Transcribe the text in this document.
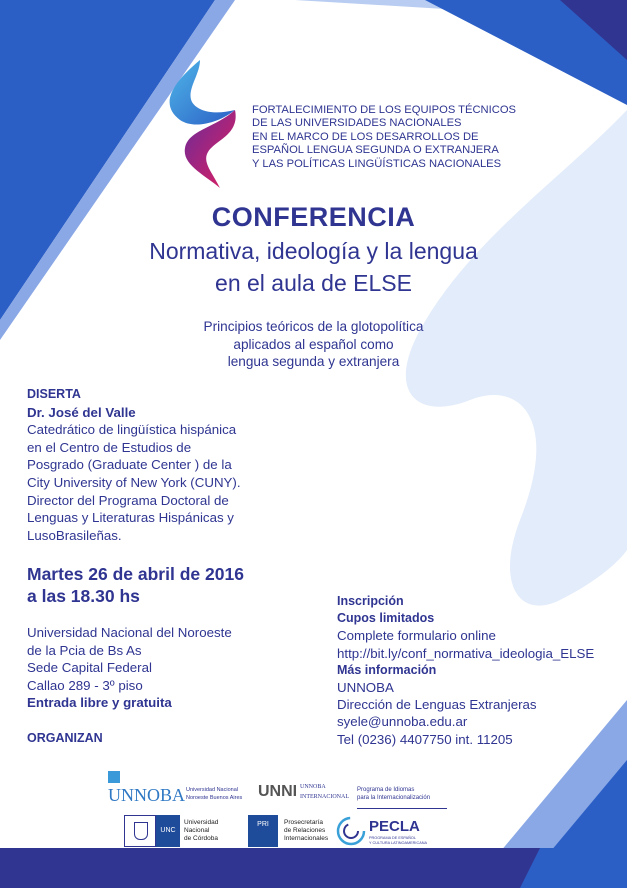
FORTALECIMIENTO DE LOS EQUIPOS TÉCNICOS
DE LAS UNIVERSIDADES NACIONALES
EN EL MARCO DE LOS DESARROLLOS DE
ESPAÑOL LENGUA SEGUNDA O EXTRANJERA
Y LAS POLÍTICAS LINGÜÍSTICAS NACIONALES
CONFERENCIA
Normativa, ideología y la lengua
en el aula de ELSE
Principios teóricos de la glotopolítica
aplicados al español como
lengua segunda y extranjera
DISERTA
Dr. José del Valle
Catedrático de lingüística hispánica
en el Centro de Estudios de
Posgrado (Graduate Center ) de la
City University of New York (CUNY).
Director del Programa Doctoral de
Lenguas y Literaturas Hispánicas y
LusoBrasileñas.
Martes 26 de abril de 2016
a las 18.30 hs
Universidad Nacional del Noroeste
de la Pcia de Bs As
Sede Capital Federal
Callao 289 - 3º piso
Entrada libre y gratuita
ORGANIZAN
Inscripción
Cupos limitados
Complete formulario online
http://bit.ly/conf_normativa_ideologia_ELSE
Más información
UNNOBA
Dirección de Lenguas Extranjeras
syele@unnoba.edu.ar
Tel (0236) 4407750 int. 11205
UNNOBA Universidad Nacional
Noroeste Buenos Aires UNNI UNNOBA
INTERNACIONAL
Programa de Idiomas
para la Internacionalización
UNC
Universidad
Nacional
de Córdoba
PRI	Prosecretaría
de Relaciones
Internacionales
PECLA
PROGRAMA DE ESPAÑOL
Y CULTURA LATINOAMERICANA
